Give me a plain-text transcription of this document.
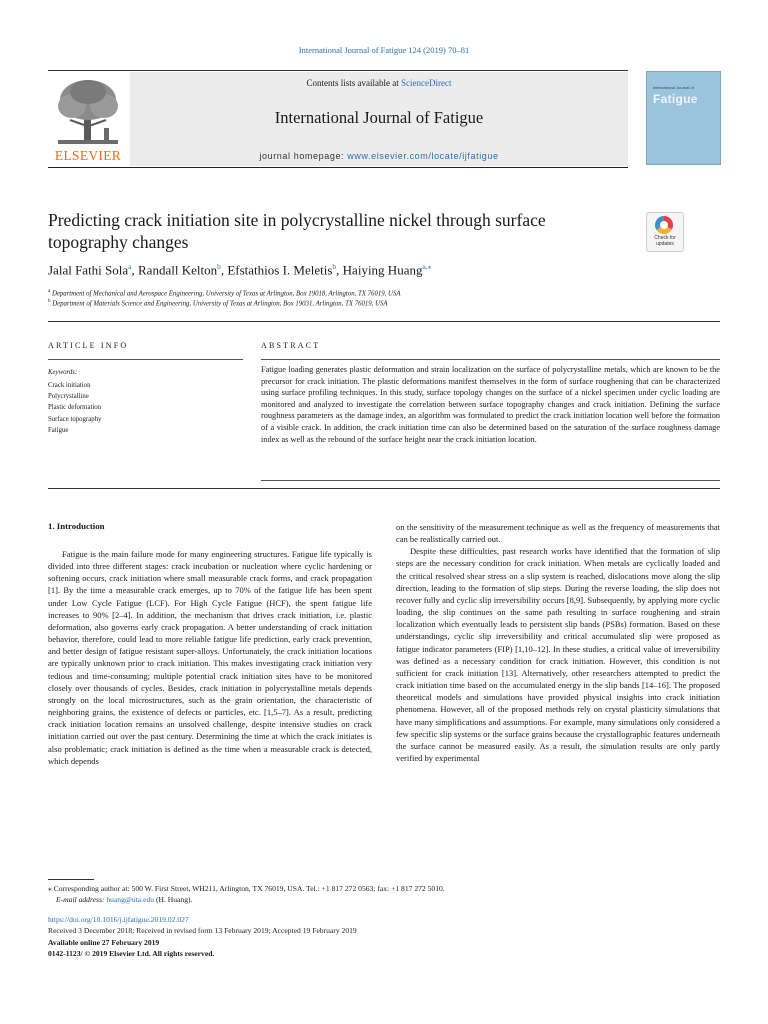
International Journal of Fatigue 124 (2019) 70–81
ELSEVIER
Contents lists available at ScienceDirect
International Journal of Fatigue
journal homepage: www.elsevier.com/locate/ijfatigue
International Journal of
Fatigue
Predicting crack initiation site in polycrystalline nickel through surface topography changes	Check for updates
Jalal Fathi Sola$^a$, Randall Kelton$^b$, Efstathios I. Meletis$^b$, Haiying Huang$^{a,⁎}$
$^a$ Department of Mechanical and Aerospace Engineering, University of Texas at Arlington, Box 19018, Arlington, TX 76019, USA
$^b$ Department of Materials Science and Engineering, University of Texas at Arlington, Box 19031, Arlington, TX 76019, USA
ARTICLE INFO	ABSTRACT
Keywords:
Crack initiation
Polycrystalline
Plastic deformation
Surface topography
Fatigue
Fatigue loading generates plastic deformation and strain localization on the surface of polycrystalline metals, which are known to be the precursor for crack initiation. The plastic deformations manifest themselves in the form of surface roughening that can be characterized using surface profiling techniques. In this study, surface topology changes on the surface of a nickel specimen under cyclic loading are monitored and analyzed to investigate the correlation between surface topography changes and crack initiation. Defining the surface roughness parameters as the damage index, an algorithm was formulated to predict the crack initiation location well before the formation of a visible crack. In addition, the crack initiation time can also be determined based on the saturation of the surface roughness damage index as well as the rebound of the surface height near the crack initiation location.
1. Introduction

Fatigue is the main failure mode for many engineering structures. Fatigue life typically is divided into three different stages: crack incubation or nucleation where cyclic hardening or softening occurs, crack initiation where small measurable crack forms, and crack propagation [1]. By the time a measurable crack emerges, up to 70% of the fatigue life has been spent under Low Cycle Fatigue (LCF). For High Cycle Fatigue (HCF), the spent fatigue life increases to 90% [2–4]. In addition, the mechanism that drives crack initiation, i.e. plastic deformation, also governs early crack propagation. A better understanding of crack initiation behavior, therefore, could lead to more reliable fatigue life prediction, early crack prevention, and better design of fatigue resistant super-alloys. Unfortunately, the crack initiation locations are typically unknown prior to crack initiation. This makes investigating crack initiation very tedious and time-consuming; multiple potential crack initiation sites have to be monitored closely over thousands of cycles. Besides, crack initiation in polycrystalline metals depends strongly on the local microstructures, such as the grain orientation, the characteristic of neighboring grains, the existence of defects or particles, etc. [1,5–7]. As a result, predicting crack initiation location remains an unsolved challenge, despite intensive studies on crack initiation carried out over the past century. Determining the time at which the crack initiates is also problematic; crack initiation is defined as the time when a measurable crack is detected, which depends

on the sensitivity of the measurement technique as well as the frequency of measurements that can be realistically carried out.

Despite these difficulties, past research works have identified that the formation of slip steps are the necessary condition for crack initiation. When metals are cyclically loaded and the critical resolved shear stress on a slip system is reached, dislocations move along the slip direction, leading to the formation of slip steps. During the reverse loading, the slip does not recover fully and cyclic slip irreversibility occurs [8,9]. Subsequently, by applying more cyclic loading, the slip continues on the same path resulting in surface roughening and strain localization which eventually leads to persistent slip bands (PSBs) formation. Based on these understandings, cyclic slip irreversibility and critical accumulated slip were proposed as fatigue indicator parameters (FIP) [1,10–12]. In these studies, a critical value of irreversibility was defined as a necessary condition for crack initiation. However, this condition is not sufficient for crack initiation [13]. Alternatively, other researchers attempted to predict the crack initiation time based on the accumulated energy in the slip bands [14–16]. The proposed theoretical models and simulations have provided physical insights into crack initiation phenomena. However, all of the proposed methods rely on crystal plasticity simulations that have many simplifications and assumptions. For example, many simulations only considered a few specific slip systems or the surface grains because the crystallographic features underneath the surface cannot be measured easily. As a result, the simulation results are only partly verified by experimental

⁎ Corresponding author at: 500 W. First Street, WH211, Arlington, TX 76019, USA. Tel.: +1 817 272 0563; fax: +1 817 272 5010.
E-mail address: huang@uta.edu (H. Huang).
https://doi.org/10.1016/j.ijfatigue.2019.02.027
Received 3 December 2018; Received in revised form 13 February 2019; Accepted 19 February 2019
Available online 27 February 2019
0142-1123/ © 2019 Elsevier Ltd. All rights reserved.
